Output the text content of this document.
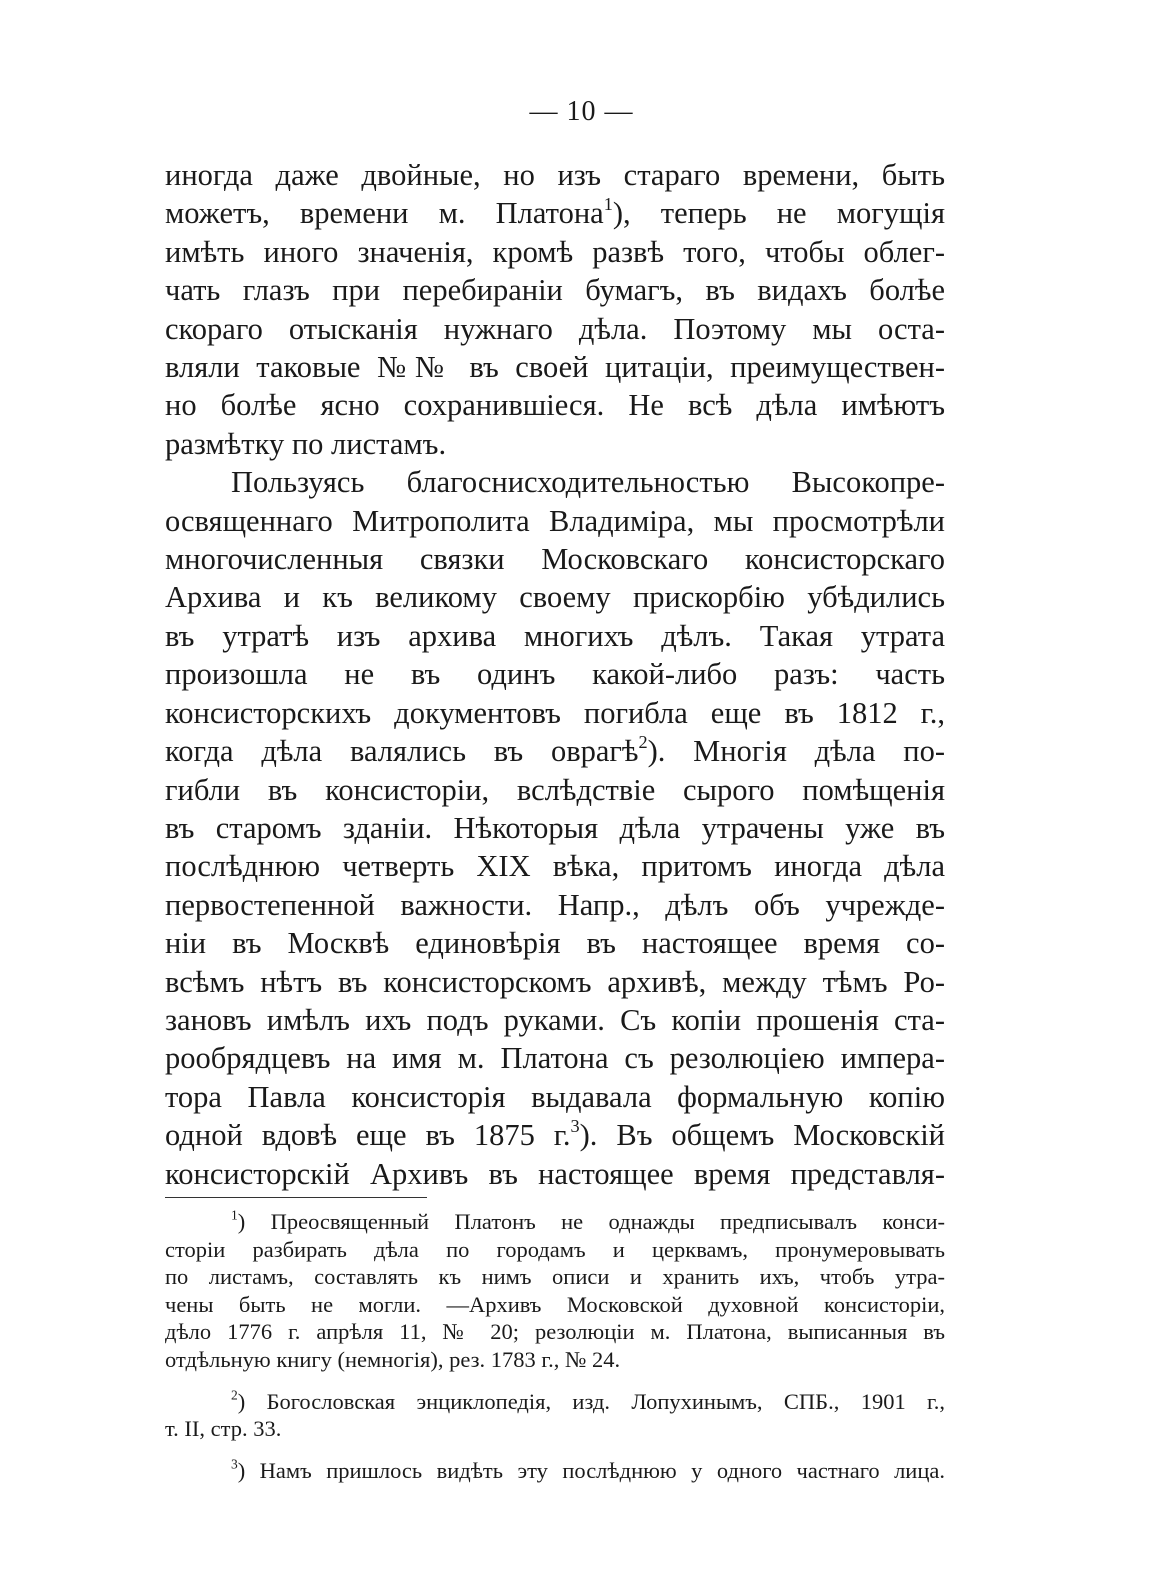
— 10 —
иногда даже двойные, но изъ стараго времени, быть
можетъ, времени м. Платона$^1$), теперь не могущія
имѣть иного значенія, кромѣ развѣ того, чтобы облег-
чать глазъ при перебираніи бумагъ, въ видахъ болѣе
скораго отысканія нужнаго дѣла. Поэтому мы оста-
вляли таковые №№ въ своей цитаціи, преимуществен-
но болѣе ясно сохранившіеся. Не всѣ дѣла имѣютъ
размѣтку по листамъ.
Пользуясь благоснисходительностью Высокопре-
освященнаго Митрополита Владиміра, мы просмотрѣли
многочисленныя связки Московскаго консисторскаго
Архива и къ великому своему прискорбію убѣдились
въ утратѣ изъ архива многихъ дѣлъ. Такая утрата
произошла не въ одинъ какой-либо разъ: часть
консисторскихъ документовъ погибла еще въ 1812 г.,
когда дѣла валялись въ оврагѣ$^2$). Многія дѣла по-
гибли въ консисторіи, вслѣдствіе сырого помѣщенія
въ старомъ зданіи. Нѣкоторыя дѣла утрачены уже въ
послѣднюю четверть XIX вѣка, притомъ иногда дѣла
первостепенной важности. Напр., дѣлъ объ учрежде-
ніи въ Москвѣ единовѣрія въ настоящее время со-
всѣмъ нѣтъ въ консисторскомъ архивѣ, между тѣмъ Ро-
зановъ имѣлъ ихъ подъ руками. Съ копіи прошенія ста-
рообрядцевъ на имя м. Платона съ резолюціею импера-
тора Павла консисторія выдавала формальную копію
одной вдовѣ еще въ 1875 г.$^3$). Въ общемъ Московскій
консисторскій Архивъ въ настоящее время представля-
$^1$) Преосвященный Платонъ не однажды предписывалъ конси-
сторіи разбирать дѣла по городамъ и церквамъ, пронумеровывать
по листамъ, составлять къ нимъ описи и хранить ихъ, чтобъ утра-
чены быть не могли. —Архивъ Московской духовной консисторіи,
дѣло 1776 г. апрѣля 11, № 20; резолюціи м. Платона, выписанныя въ
отдѣльную книгу (немногія), рез. 1783 г., № 24.
$^2$) Богословская энциклопедія, изд. Лопухинымъ, СПБ., 1901 г.,
т. II, стр. 33.
$^3$) Намъ пришлось видѣть эту послѣднюю у одного частнаго лица.
